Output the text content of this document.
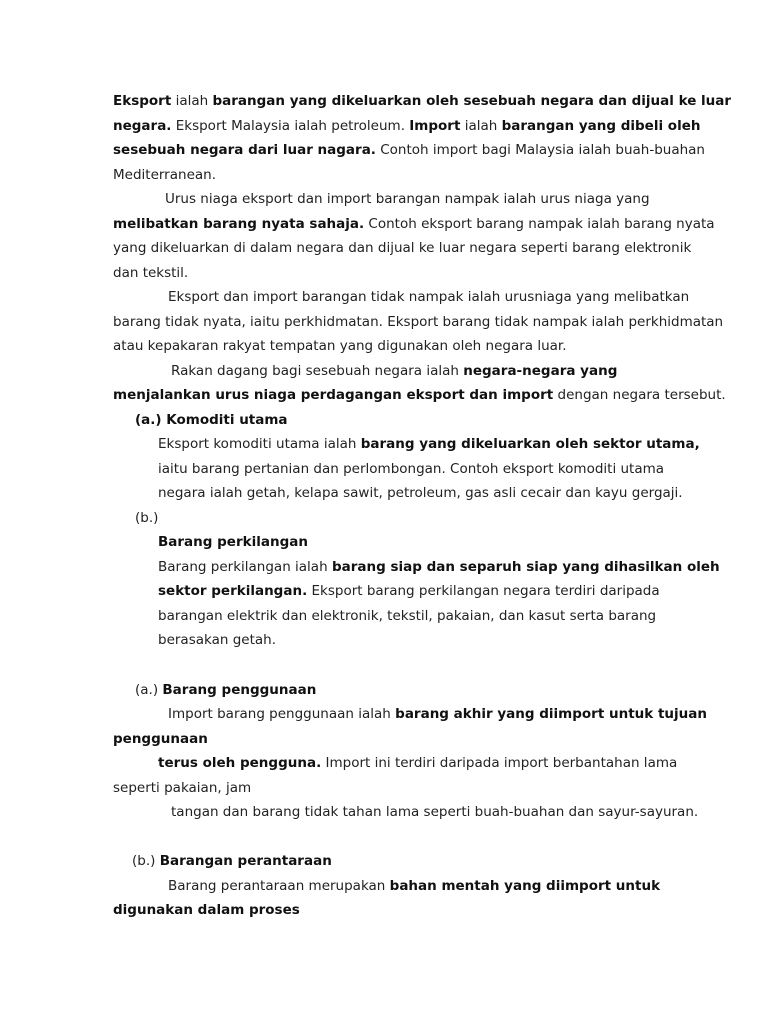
Eksport ialah barangan yang dikeluarkan oleh sesebuah negara dan dijual ke luar
negara. Eksport Malaysia ialah petroleum. Import ialah barangan yang dibeli oleh
sesebuah negara dari luar nagara. Contoh import bagi Malaysia ialah buah-buahan
Mediterranean.
Urus niaga eksport dan import barangan nampak ialah urus niaga yang
melibatkan barang nyata sahaja. Contoh eksport barang nampak ialah barang nyata
yang dikeluarkan di dalam negara dan dijual ke luar negara seperti barang elektronik
dan tekstil.
Eksport dan import barangan tidak nampak ialah urusniaga yang melibatkan
barang tidak nyata, iaitu perkhidmatan. Eksport barang tidak nampak ialah perkhidmatan
atau kepakaran rakyat tempatan yang digunakan oleh negara luar.
Rakan dagang bagi sesebuah negara ialah negara-negara yang
menjalankan urus niaga perdagangan eksport dan import dengan negara tersebut.
(a.) Komoditi utama
Eksport komoditi utama ialah barang yang dikeluarkan oleh sektor utama,
iaitu barang pertanian dan perlombongan. Contoh eksport komoditi utama
negara ialah getah, kelapa sawit, petroleum, gas asli cecair dan kayu gergaji.
(b.)
Barang perkilangan
Barang perkilangan ialah barang siap dan separuh siap yang dihasilkan oleh
sektor perkilangan. Eksport barang perkilangan negara terdiri daripada
barangan elektrik dan elektronik, tekstil, pakaian, dan kasut serta barang
berasakan getah.
(a.) Barang penggunaan
Import barang penggunaan ialah barang akhir yang diimport untuk tujuan
penggunaan
terus oleh pengguna. Import ini terdiri daripada import berbantahan lama
seperti pakaian, jam
tangan dan barang tidak tahan lama seperti buah-buahan dan sayur-sayuran.
(b.) Barangan perantaraan
Barang perantaraan merupakan bahan mentah yang diimport untuk
digunakan dalam proses
